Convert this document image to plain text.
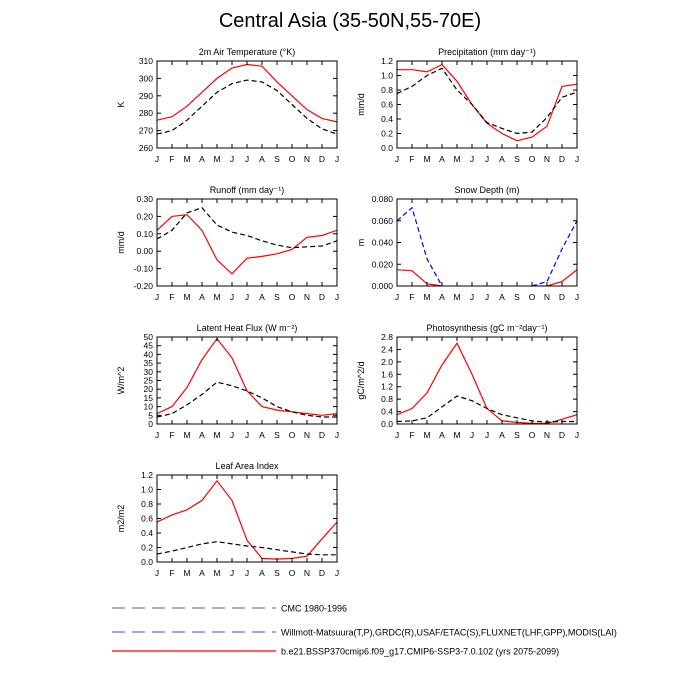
Central Asia (35-50N,55-70E)
J F M A M J J A S O N D J
260
270
280
290
300
310
2m Air Temperature (°K)
K
J F M A M J J A S O N D J
0.0
0.2
0.4
0.6
0.8
1.0
1.2
Precipitation (mm day⁻¹)
mm/d
J F M A M J J A S O N D J
-0.20
-0.10
0.00
0.10
0.20
0.30
Runoff (mm day⁻¹)
mm/d
J F M A M J J A S O N D J
0.000
0.020
0.040
0.060
0.080
Snow Depth (m)
m
J F M A M J J A S O N D J
0
5
10
15
20
25
30
35
40
45
50
Latent Heat Flux (W m⁻²)
W/m^2
J F M A M J J A S O N D J
0.0
0.4
0.8
1.2
1.6
2.0
2.4
2.8
Photosynthesis (gC m⁻²day⁻¹)
gC/m^2/d
J F M A M J J A S O N D J
0.0
0.2
0.4
0.6
0.8
1.0
1.2
Leaf Area Index
m2/m2
CMC 1980-1996
Willmott-Matsuura(T,P),GRDC(R),USAF/ETAC(S),FLUXNET(LHF,GPP),MODIS(LAI)
b.e21.BSSP370cmip6.f09_g17.CMIP6-SSP3-7.0.102 (yrs 2075-2099)
